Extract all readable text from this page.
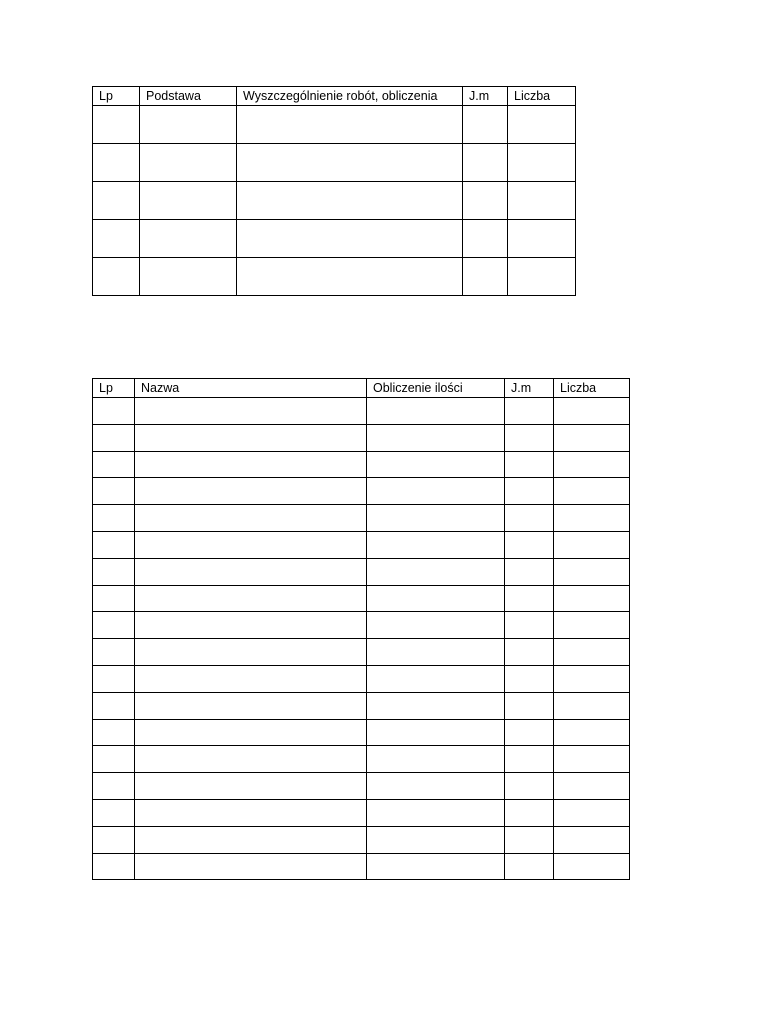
Lp	Podstawa	Wyszczególnienie robót, obliczenia	J.m	Liczba

Lp	Nazwa	Obliczenie ilości	J.m	Liczba
